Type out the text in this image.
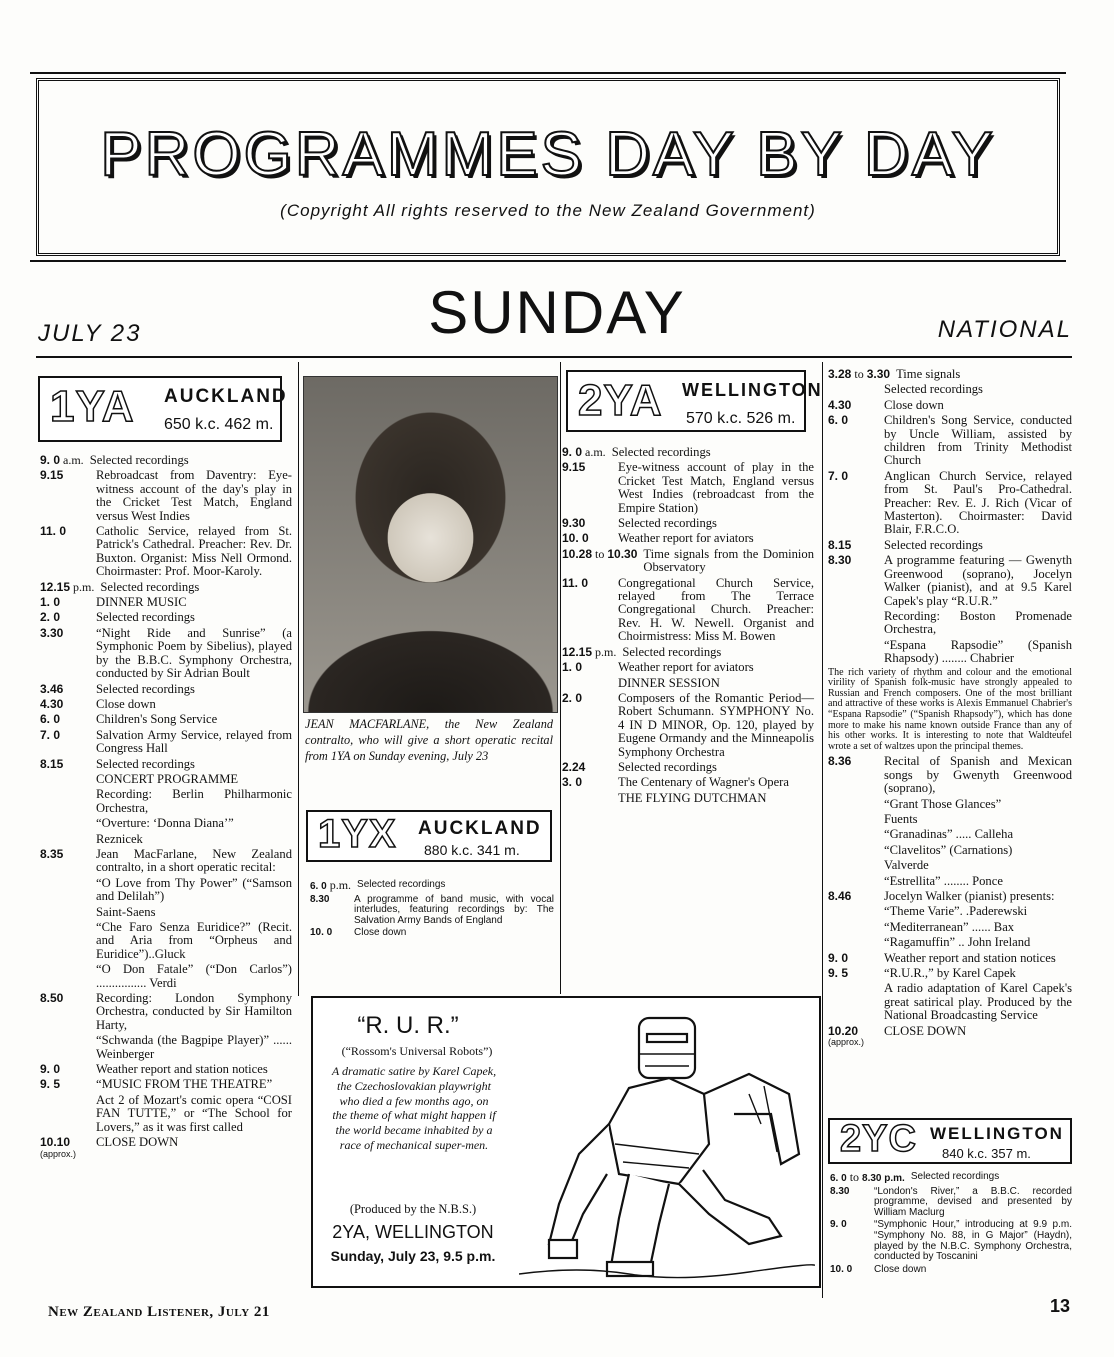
PROGRAMMES DAY BY DAY
(Copyright All rights reserved to the New Zealand Government)
SUNDAY
JULY 23	NATIONAL
1YA AUCKLAND
650 k.c. 462 m.
9. 0 a.m. Selected recordings
9.15	Rebroadcast from Daventry: Eye-witness account of the day's play in the Cricket Test Match, England versus West Indies
11. 0	Catholic Service, relayed from St. Patrick's Cathedral. Preacher: Rev. Dr. Buxton. Organist: Miss Nell Ormond. Choirmaster: Prof. Moor-Karoly.
12.15 p.m. Selected recordings
1. 0	DINNER MUSIC
2. 0	Selected recordings
3.30	“Night Ride and Sunrise” (a Symphonic Poem by Sibelius), played by the B.B.C. Symphony Orchestra, conducted by Sir Adrian Boult
3.46	Selected recordings
4.30	Close down
6. 0	Children's Song Service
7. 0	Salvation Army Service, relayed from Congress Hall
8.15	Selected recordings
CONCERT PROGRAMME
Recording: Berlin Philharmonic Orchestra,
“Overture: ‘Donna Diana’”
Reznicek
8.35	Jean MacFarlane, New Zealand contralto, in a short operatic recital:
“O Love from Thy Power” (“Samson and Delilah”)
Saint-Saens
“Che Faro Senza Euridice?” (Recit. and Aria from “Orpheus and Euridice”)..Gluck
“O Don Fatale” (“Don Carlos”) ................ Verdi
8.50	Recording: London Symphony Orchestra, conducted by Sir Hamilton Harty,
“Schwanda (the Bagpipe Player)” ...... Weinberger
9. 0	Weather report and station notices
9. 5	“MUSIC FROM THE THEATRE”
Act 2 of Mozart's comic opera “COSI FAN TUTTE,” or “The School for Lovers,” as it was first called
10.10	CLOSE DOWN
(approx.)
JEAN MACFARLANE, the New Zealand contralto, who will give a short operatic recital from 1YA on Sunday evening, July 23
1YX AUCKLAND
880 k.c. 341 m.
6. 0 p.m. Selected recordings
8.30	A programme of band music, with vocal interludes, featuring recordings by: The Salvation Army Bands of England
10. 0	Close down
“R. U. R.”
(“Rossom's Universal Robots”)
A dramatic satire by Karel Capek, the Czechoslovakian playwright who died a few months ago, on the theme of what might happen if the world became inhabited by a race of mechanical super-men.
(Produced by the N.B.S.)
2YA, WELLINGTON
Sunday, July 23, 9.5 p.m.
2YA WELLINGTON
570 k.c. 526 m.
9. 0 a.m. Selected recordings
9.15	Eye-witness account of play in the Cricket Test Match, England versus West Indies (rebroadcast from the Empire Station)
9.30	Selected recordings
10. 0	Weather report for aviators
10.28 to 10.30 Time signals from the Dominion Observatory
11. 0	Congregational Church Service, relayed from The Terrace Congregational Church. Preacher: Rev. H. W. Newell. Organist and Choirmistress: Miss M. Bowen
12.15 p.m. Selected recordings
1. 0	Weather report for aviators
DINNER SESSION
2. 0	Composers of the Romantic Period—Robert Schumann. SYMPHONY No. 4 IN D MINOR, Op. 120, played by Eugene Ormandy and the Minneapolis Symphony Orchestra
2.24	Selected recordings
3. 0	The Centenary of Wagner's Opera
THE FLYING DUTCHMAN
3.28 to 3.30 Time signals
Selected recordings
4.30	Close down
6. 0	Children's Song Service, conducted by Uncle William, assisted by children from Trinity Methodist Church
7. 0	Anglican Church Service, relayed from St. Paul's Pro-Cathedral. Preacher: Rev. E. J. Rich (Vicar of Masterton). Choirmaster: David Blair, F.R.C.O.
8.15	Selected recordings
8.30	A programme featuring — Gwenyth Greenwood (soprano), Jocelyn Walker (pianist), and at 9.5 Karel Capek's play “R.U.R.”
Recording: Boston Promenade Orchestra,
“Espana Rapsodie” (Spanish Rhapsody) ........ Chabrier
The rich variety of rhythm and colour and the emotional virility of Spanish folk-music have strongly appealed to Russian and French composers. One of the most brilliant and attractive of these works is Alexis Emmanuel Chabrier's “Espana Rapsodie” (“Spanish Rhapsody”), which has done more to make his name known outside France than any of his other works. It is interesting to note that Waldteufel wrote a set of waltzes upon the principal themes.
8.36	Recital of Spanish and Mexican songs by Gwenyth Greenwood (soprano),
“Grant Those Glances”
Fuents
“Granadinas” ..... Calleha
“Clavelitos” (Carnations)
Valverde
“Estrellita” ........ Ponce
8.46	Jocelyn Walker (pianist) presents:
“Theme Varie”. .Paderewski
“Mediterranean” ...... Bax
“Ragamuffin” .. John Ireland
9. 0	Weather report and station notices
9. 5	“R.U.R.,” by Karel Capek
A radio adaptation of Karel Capek's great satirical play. Produced by the National Broadcasting Service
10.20	CLOSE DOWN
(approx.)
2YC WELLINGTON
840 k.c. 357 m.
6. 0 to 8.30 p.m. Selected recordings
8.30	“London's River,” a B.B.C. recorded programme, devised and presented by William Maclurg
9. 0	“Symphonic Hour,” introducing at 9.9 p.m. “Symphony No. 88, in G Major” (Haydn), played by the N.B.C. Symphony Orchestra, conducted by Toscanini
10. 0	Close down
New Zealand Listener, July 21	13
